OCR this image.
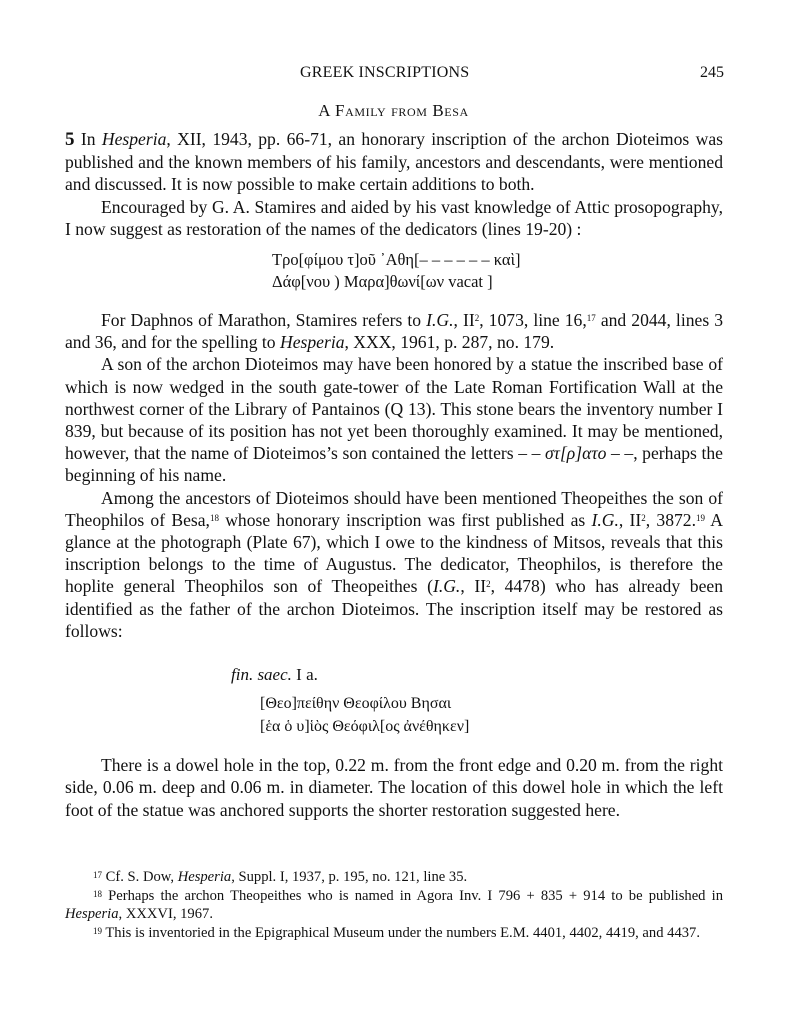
GREEK INSCRIPTIONS	245
A Family from Besa

5 In Hesperia, XII, 1943, pp. 66-71, an honorary inscription of the archon Dioteimos was published and the known members of his family, ancestors and descendants, were mentioned and discussed. It is now possible to make certain additions to both.

Encouraged by G. A. Stamires and aided by his vast knowledge of Attic prosopography, I now suggest as restoration of the names of the dedicators (lines 19-20) :

Τρο[φίμου τ]οῦ ᾿Αθη[– – – – – – καὶ]
Δάφ[νου ) Μαρα]θωνί[ων vacat ]

For Daphnos of Marathon, Stamires refers to I.G., $II^2$, 1073, line 16,17 and 2044, lines 3 and 36, and for the spelling to Hesperia, XXX, 1961, p. 287, no. 179.

A son of the archon Dioteimos may have been honored by a statue the inscribed base of which is now wedged in the south gate-tower of the Late Roman Fortification Wall at the northwest corner of the Library of Pantainos (Q 13). This stone bears the inventory number I 839, but because of its position has not yet been thoroughly examined. It may be mentioned, however, that the name of Dioteimos’s son contained the letters – – στ[ρ]ατο – –, perhaps the beginning of his name.

Among the ancestors of Dioteimos should have been mentioned Theopeithes the son of Theophilos of Besa,$^{18}$ whose honorary inscription was first published as I.G., $II^2$, 3872.19 A glance at the photograph (Plate 67), which I owe to the kindness of Mitsos, reveals that this inscription belongs to the time of Augustus. The dedicator, Theophilos, is therefore the hoplite general Theophilos son of Theopeithes (I.G., $II^2$, 4478) who has already been identified as the father of the archon Dioteimos. The inscription itself may be restored as follows:

fin. saec. I a.
[Θεο]πείθην Θεοφίλου Βησαι
[ἑα ὁ υ]ἱὸς Θεόφιλ[ος ἀνέθηκεν]

There is a dowel hole in the top, 0.22 m. from the front edge and 0.20 m. from the right side, 0.06 m. deep and 0.06 m. in diameter. The location of this dowel hole in which the left foot of the statue was anchored supports the shorter restoration suggested here.

$^{17}$ Cf. S. Dow, Hesperia, Suppl. I, 1937, p. 195, no. 121, line 35.

$^{18}$ Perhaps the archon Theopeithes who is named in Agora Inv. I 796 + 835 + 914 to be published in Hesperia, XXXVI, 1967.

$^{19}$ This is inventoried in the Epigraphical Museum under the numbers E.M. 4401, 4402, 4419, and 4437.
